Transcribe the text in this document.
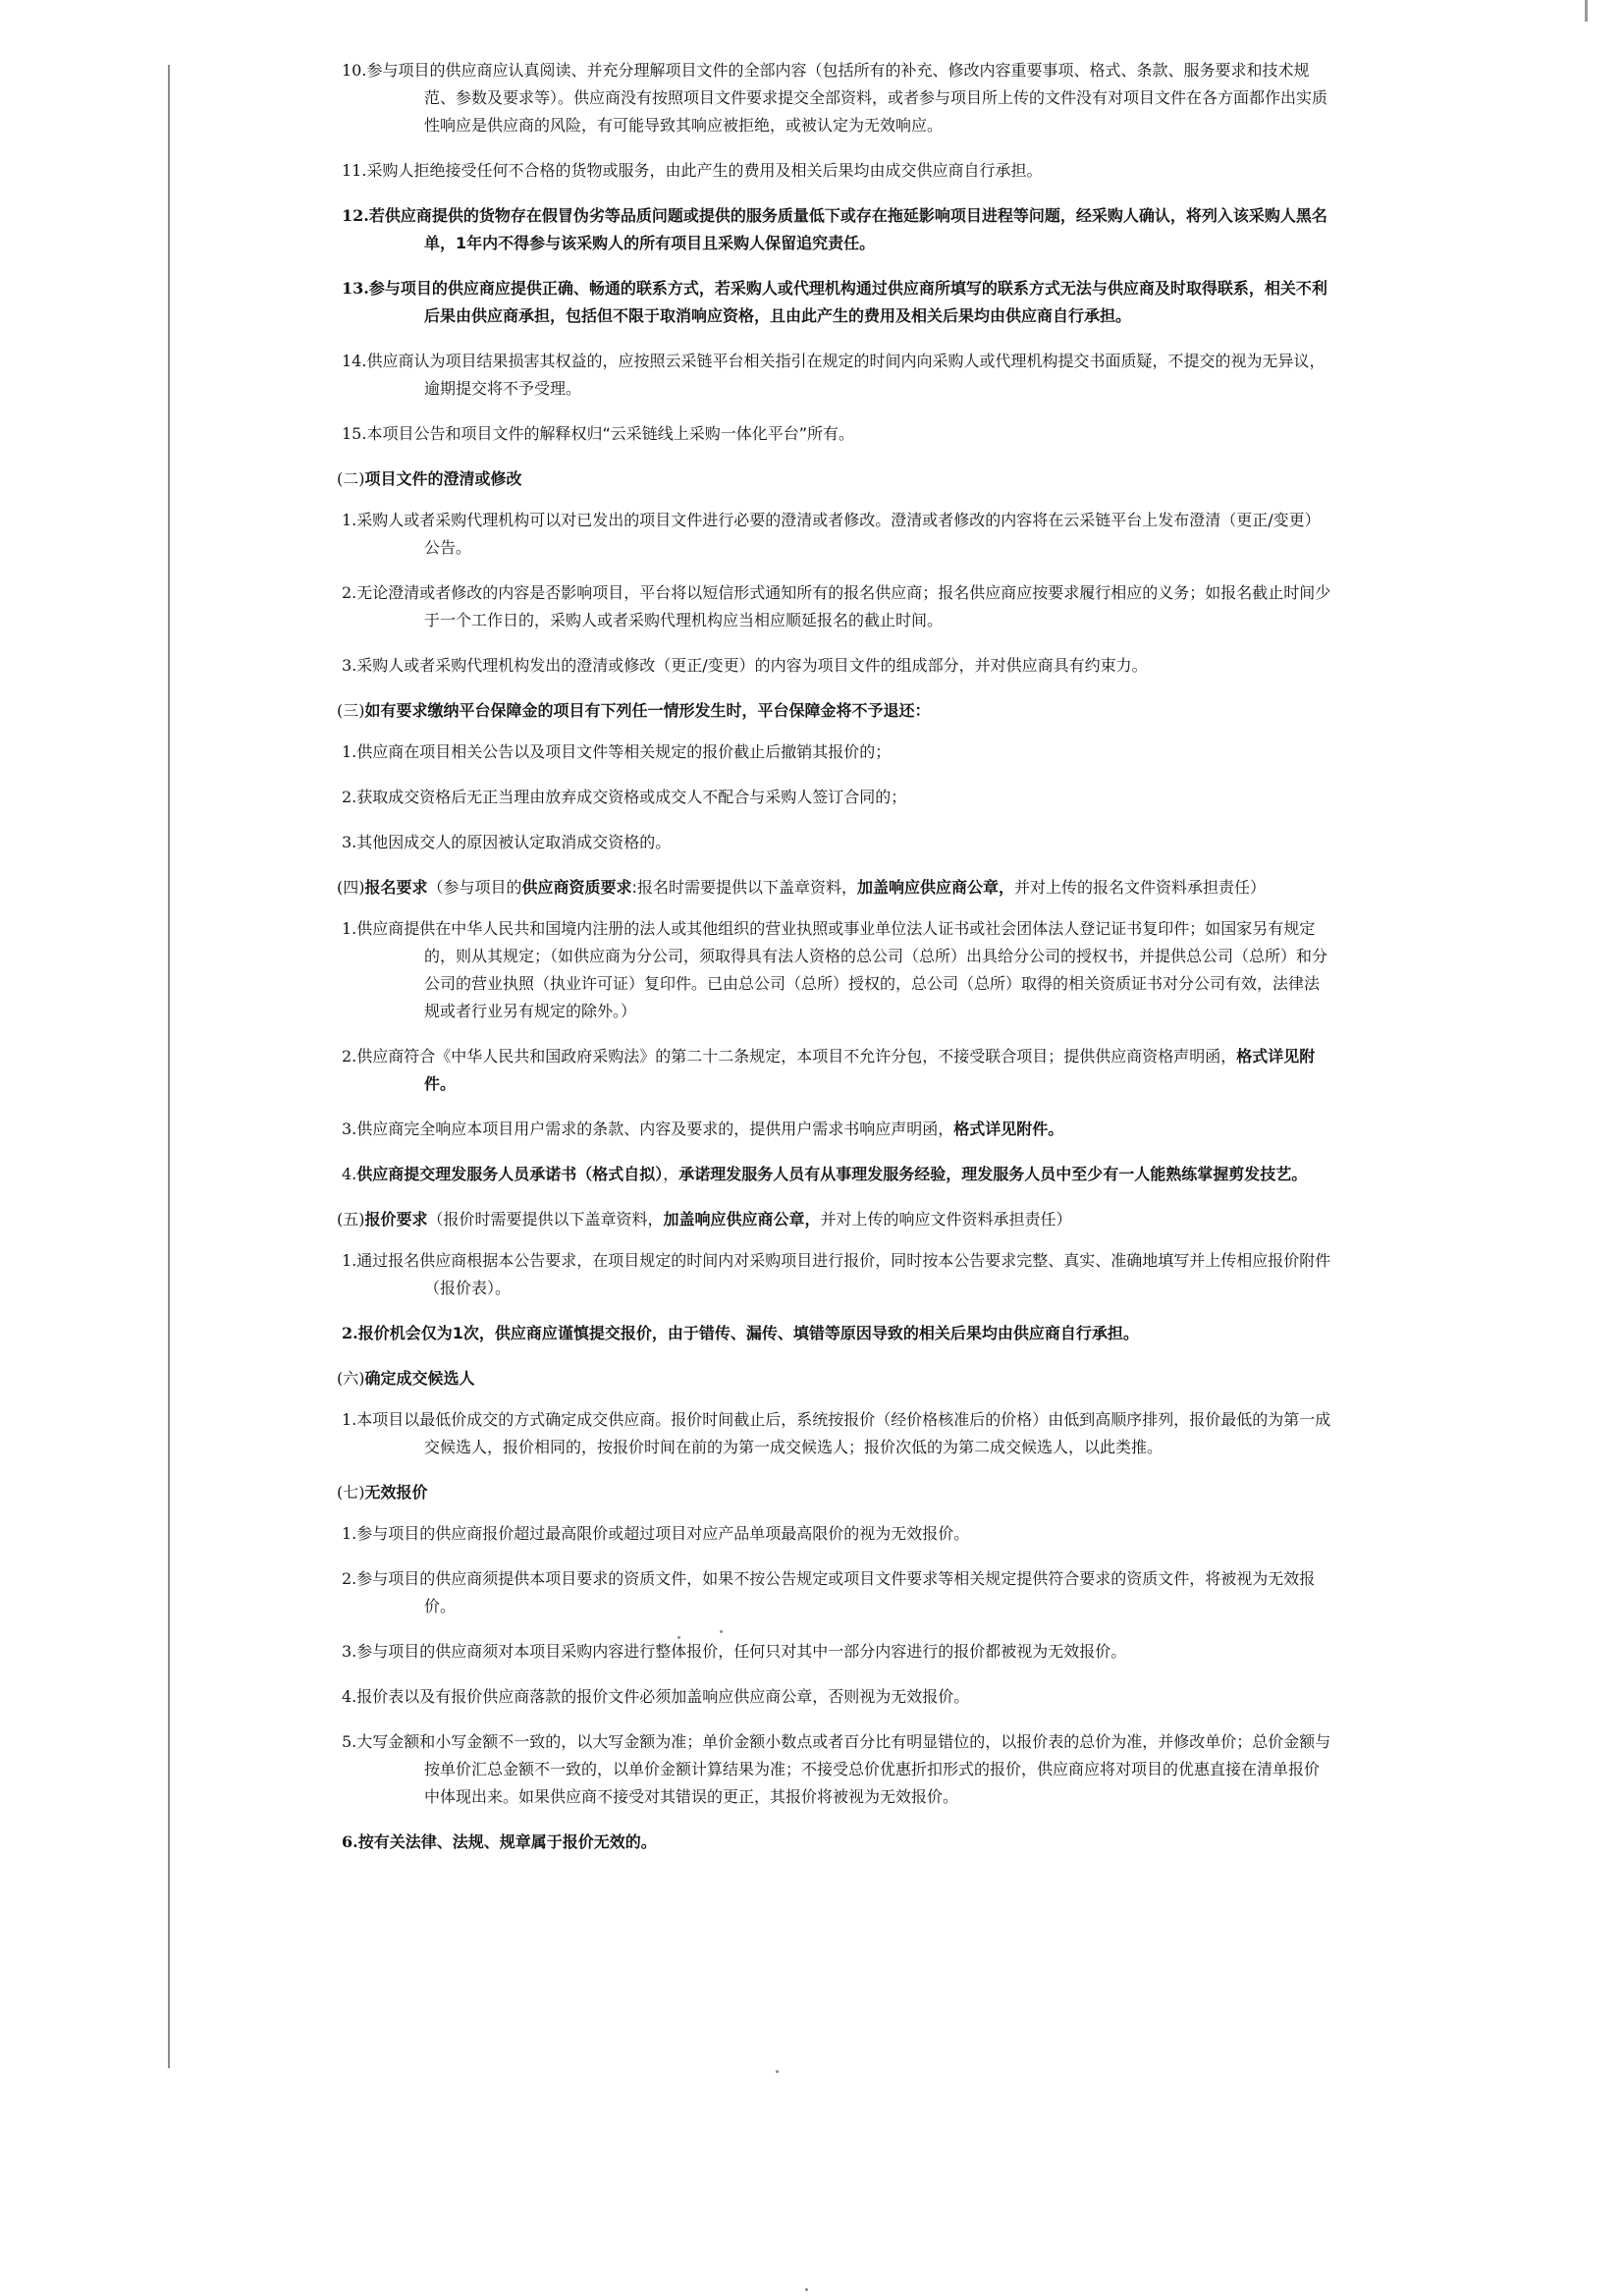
10.参与项目的供应商应认真阅读、并充分理解项目文件的全部内容（包括所有的补充、修改内容重要事项、格式、条款、服务要求和技术规范、参数及要求等）。供应商没有按照项目文件要求提交全部资料，或者参与项目所上传的文件没有对项目文件在各方面都作出实质性响应是供应商的风险，有可能导致其响应被拒绝，或被认定为无效响应。

11.采购人拒绝接受任何不合格的货物或服务，由此产生的费用及相关后果均由成交供应商自行承担。

12.若供应商提供的货物存在假冒伪劣等品质问题或提供的服务质量低下或存在拖延影响项目进程等问题，经采购人确认，将列入该采购人黑名单，1年内不得参与该采购人的所有项目且采购人保留追究责任。

13.参与项目的供应商应提供正确、畅通的联系方式，若采购人或代理机构通过供应商所填写的联系方式无法与供应商及时取得联系，相关不利后果由供应商承担，包括但不限于取消响应资格，且由此产生的费用及相关后果均由供应商自行承担。

14.供应商认为项目结果损害其权益的，应按照云采链平台相关指引在规定的时间内向采购人或代理机构提交书面质疑，不提交的视为无异议，逾期提交将不予受理。

15.本项目公告和项目文件的解释权归“云采链线上采购一体化平台”所有。

(二)项目文件的澄清或修改

1.采购人或者采购代理机构可以对已发出的项目文件进行必要的澄清或者修改。澄清或者修改的内容将在云采链平台上发布澄清（更正/变更）公告。

2.无论澄清或者修改的内容是否影响项目，平台将以短信形式通知所有的报名供应商；报名供应商应按要求履行相应的义务；如报名截止时间少于一个工作日的，采购人或者采购代理机构应当相应顺延报名的截止时间。

3.采购人或者采购代理机构发出的澄清或修改（更正/变更）的内容为项目文件的组成部分，并对供应商具有约束力。

(三)如有要求缴纳平台保障金的项目有下列任一情形发生时，平台保障金将不予退还：

1.供应商在项目相关公告以及项目文件等相关规定的报价截止后撤销其报价的；

2.获取成交资格后无正当理由放弃成交资格或成交人不配合与采购人签订合同的；

3.其他因成交人的原因被认定取消成交资格的。

(四)报名要求（参与项目的供应商资质要求:报名时需要提供以下盖章资料，加盖响应供应商公章，并对上传的报名文件资料承担责任）

1.供应商提供在中华人民共和国境内注册的法人或其他组织的营业执照或事业单位法人证书或社会团体法人登记证书复印件；如国家另有规定的，则从其规定；（如供应商为分公司，须取得具有法人资格的总公司（总所）出具给分公司的授权书，并提供总公司（总所）和分公司的营业执照（执业许可证）复印件。已由总公司（总所）授权的，总公司（总所）取得的相关资质证书对分公司有效，法律法规或者行业另有规定的除外。）

2.供应商符合《中华人民共和国政府采购法》的第二十二条规定，本项目不允许分包，不接受联合项目；提供供应商资格声明函，格式详见附件。

3.供应商完全响应本项目用户需求的条款、内容及要求的，提供用户需求书响应声明函，格式详见附件。

4.供应商提交理发服务人员承诺书（格式自拟），承诺理发服务人员有从事理发服务经验，理发服务人员中至少有一人能熟练掌握剪发技艺。

(五)报价要求（报价时需要提供以下盖章资料，加盖响应供应商公章，并对上传的响应文件资料承担责任）

1.通过报名供应商根据本公告要求，在项目规定的时间内对采购项目进行报价，同时按本公告要求完整、真实、准确地填写并上传相应报价附件（报价表）。

2.报价机会仅为1次，供应商应谨慎提交报价，由于错传、漏传、填错等原因导致的相关后果均由供应商自行承担。

(六)确定成交候选人

1.本项目以最低价成交的方式确定成交供应商。报价时间截止后，系统按报价（经价格核准后的价格）由低到高顺序排列，报价最低的为第一成交候选人，报价相同的，按报价时间在前的为第一成交候选人；报价次低的为第二成交候选人，以此类推。

(七)无效报价

1.参与项目的供应商报价超过最高限价或超过项目对应产品单项最高限价的视为无效报价。

2.参与项目的供应商须提供本项目要求的资质文件，如果不按公告规定或项目文件要求等相关规定提供符合要求的资质文件，将被视为无效报价。

3.参与项目的供应商须对本项目采购内容进行整体报价，任何只对其中一部分内容进行的报价都被视为无效报价。

4.报价表以及有报价供应商落款的报价文件必须加盖响应供应商公章，否则视为无效报价。

5.大写金额和小写金额不一致的，以大写金额为准；单价金额小数点或者百分比有明显错位的，以报价表的总价为准，并修改单价；总价金额与按单价汇总金额不一致的，以单价金额计算结果为准；不接受总价优惠折扣形式的报价，供应商应将对项目的优惠直接在清单报价中体现出来。如果供应商不接受对其错误的更正，其报价将被视为无效报价。

6.按有关法律、法规、规章属于报价无效的。
